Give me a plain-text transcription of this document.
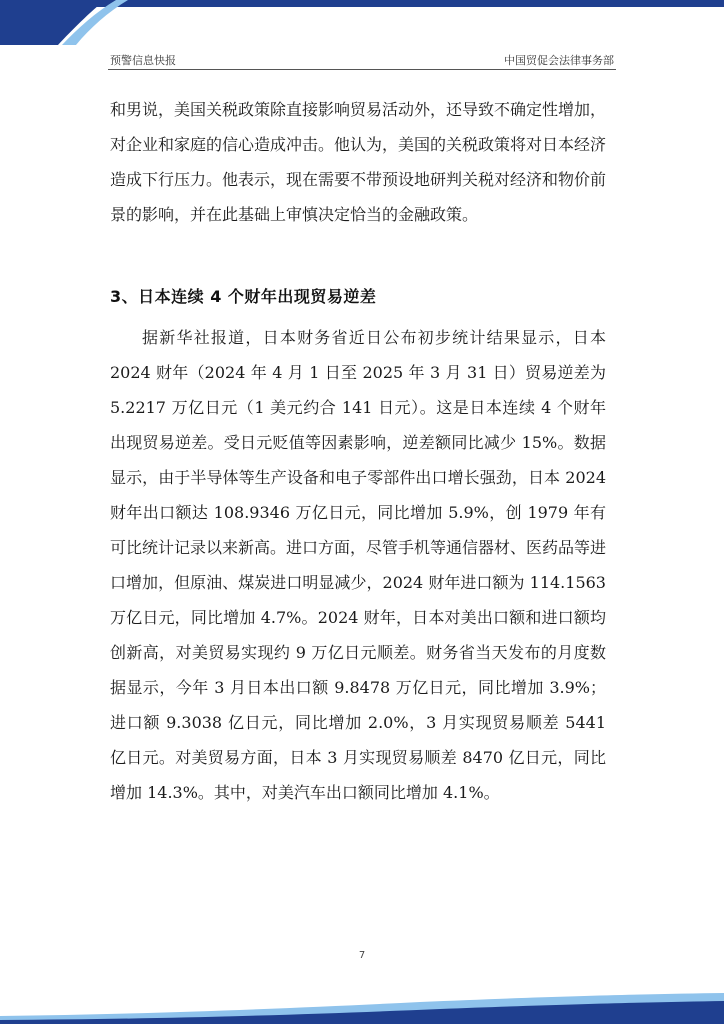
预警信息快报	中国贸促会法律事务部

和男说，美国关税政策除直接影响贸易活动外，还导致不确定性增加，对企业和家庭的信心造成冲击。他认为，美国的关税政策将对日本经济造成下行压力。他表示，现在需要不带预设地研判关税对经济和物价前景的影响，并在此基础上审慎决定恰当的金融政策。

3、日本连续 4 个财年出现贸易逆差

据新华社报道，日本财务省近日公布初步统计结果显示，日本 2024 财年（2024 年 4 月 1 日至 2025 年 3 月 31 日）贸易逆差为 5.2217 万亿日元（1 美元约合 141 日元）。这是日本连续 4 个财年出现贸易逆差。受日元贬值等因素影响，逆差额同比减少 15%。数据显示，由于半导体等生产设备和电子零部件出口增长强劲，日本 2024 财年出口额达 108.9346 万亿日元，同比增加 5.9%，创 1979 年有可比统计记录以来新高。进口方面，尽管手机等通信器材、医药品等进口增加，但原油、煤炭进口明显减少，2024 财年进口额为 114.1563 万亿日元，同比增加 4.7%。2024 财年，日本对美出口额和进口额均创新高，对美贸易实现约 9 万亿日元顺差。财务省当天发布的月度数据显示，今年 3 月日本出口额 9.8478 万亿日元，同比增加 3.9%；进口额 9.3038 亿日元，同比增加 2.0%，3 月实现贸易顺差 5441 亿日元。对美贸易方面，日本 3 月实现贸易顺差 8470 亿日元，同比增加 14.3%。其中，对美汽车出口额同比增加 4.1%。

7
